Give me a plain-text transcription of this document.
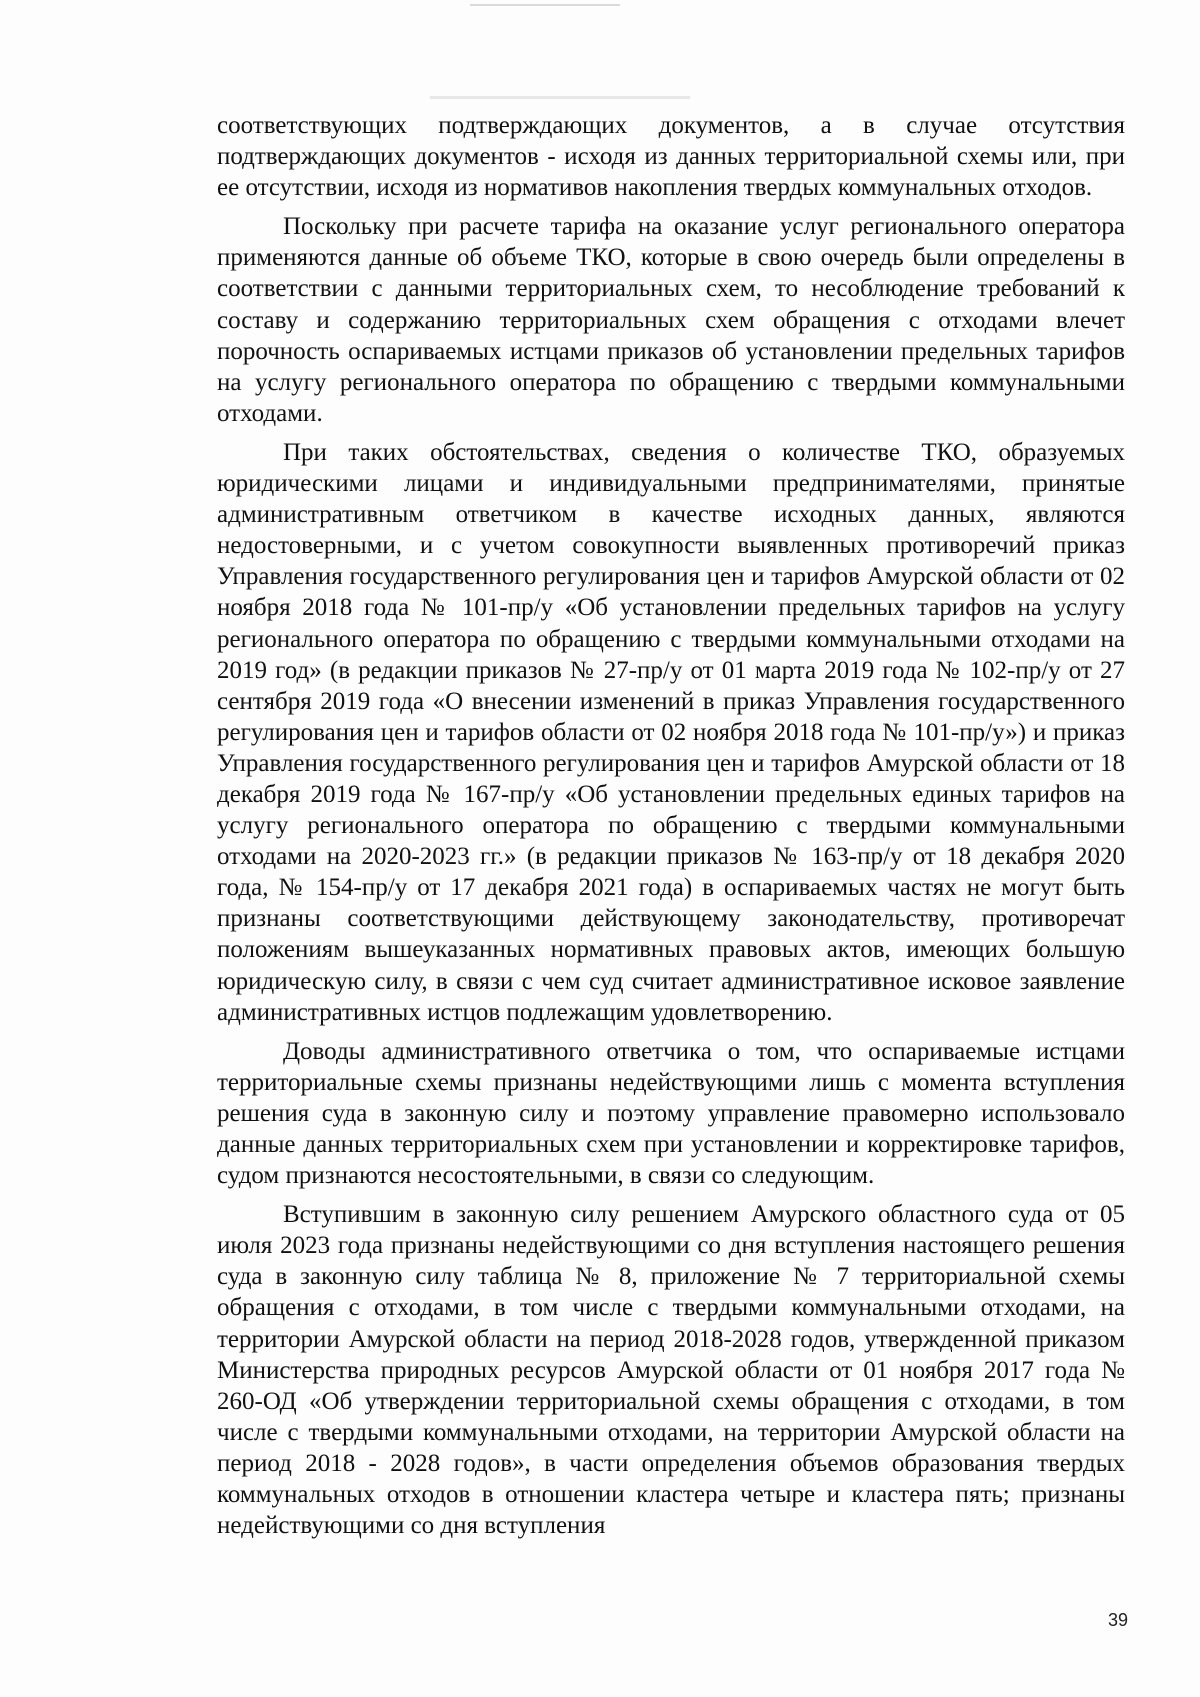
соответствующих подтверждающих документов, а в случае отсутствия подтверждающих документов - исходя из данных территориальной схемы или, при ее отсутствии, исходя из нормативов накопления твердых коммунальных отходов.

Поскольку при расчете тарифа на оказание услуг регионального оператора применяются данные об объеме ТКО, которые в свою очередь были определены в соответствии с данными территориальных схем, то несоблюдение требований к составу и содержанию территориальных схем обращения с отходами влечет порочность оспариваемых истцами приказов об установлении предельных тарифов на услугу регионального оператора по обращению с твердыми коммунальными отходами.

При таких обстоятельствах, сведения о количестве ТКО, образуемых юридическими лицами и индивидуальными предпринимателями, принятые административным ответчиком в качестве исходных данных, являются недостоверными, и с учетом совокупности выявленных противоречий приказ Управления государственного регулирования цен и тарифов Амурской области от 02 ноября 2018 года № 101-пр/у «Об установлении предельных тарифов на услугу регионального оператора по обращению с твердыми коммунальными отходами на 2019 год» (в редакции приказов № 27-пр/у от 01 марта 2019 года № 102-пр/у от 27 сентября 2019 года «О внесении изменений в приказ Управления государственного регулирования цен и тарифов области от 02 ноября 2018 года № 101-пр/у») и приказ Управления государственного регулирования цен и тарифов Амурской области от 18 декабря 2019 года № 167-пр/у «Об установлении предельных единых тарифов на услугу регионального оператора по обращению с твердыми коммунальными отходами на 2020-2023 гг.» (в редакции приказов № 163-пр/у от 18 декабря 2020 года, № 154-пр/у от 17 декабря 2021 года) в оспариваемых частях не могут быть признаны соответствующими действующему законодательству, противоречат положениям вышеуказанных нормативных правовых актов, имеющих большую юридическую силу, в связи с чем суд считает административное исковое заявление административных истцов подлежащим удовлетворению.

Доводы административного ответчика о том, что оспариваемые истцами территориальные схемы признаны недействующими лишь с момента вступления решения суда в законную силу и поэтому управление правомерно использовало данные данных территориальных схем при установлении и корректировке тарифов, судом признаются несостоятельными, в связи со следующим.

Вступившим в законную силу решением Амурского областного суда от 05 июля 2023 года признаны недействующими со дня вступления настоящего решения суда в законную силу таблица № 8, приложение № 7 территориальной схемы обращения с отходами, в том числе с твердыми коммунальными отходами, на территории Амурской области на период 2018-2028 годов, утвержденной приказом Министерства природных ресурсов Амурской области от 01 ноября 2017 года № 260-ОД «Об утверждении территориальной схемы обращения с отходами, в том числе с твердыми коммунальными отходами, на территории Амурской области на период 2018 - 2028 годов», в части определения объемов образования твердых коммунальных отходов в отношении кластера четыре и кластера пять; признаны недействующими со дня вступления

39
